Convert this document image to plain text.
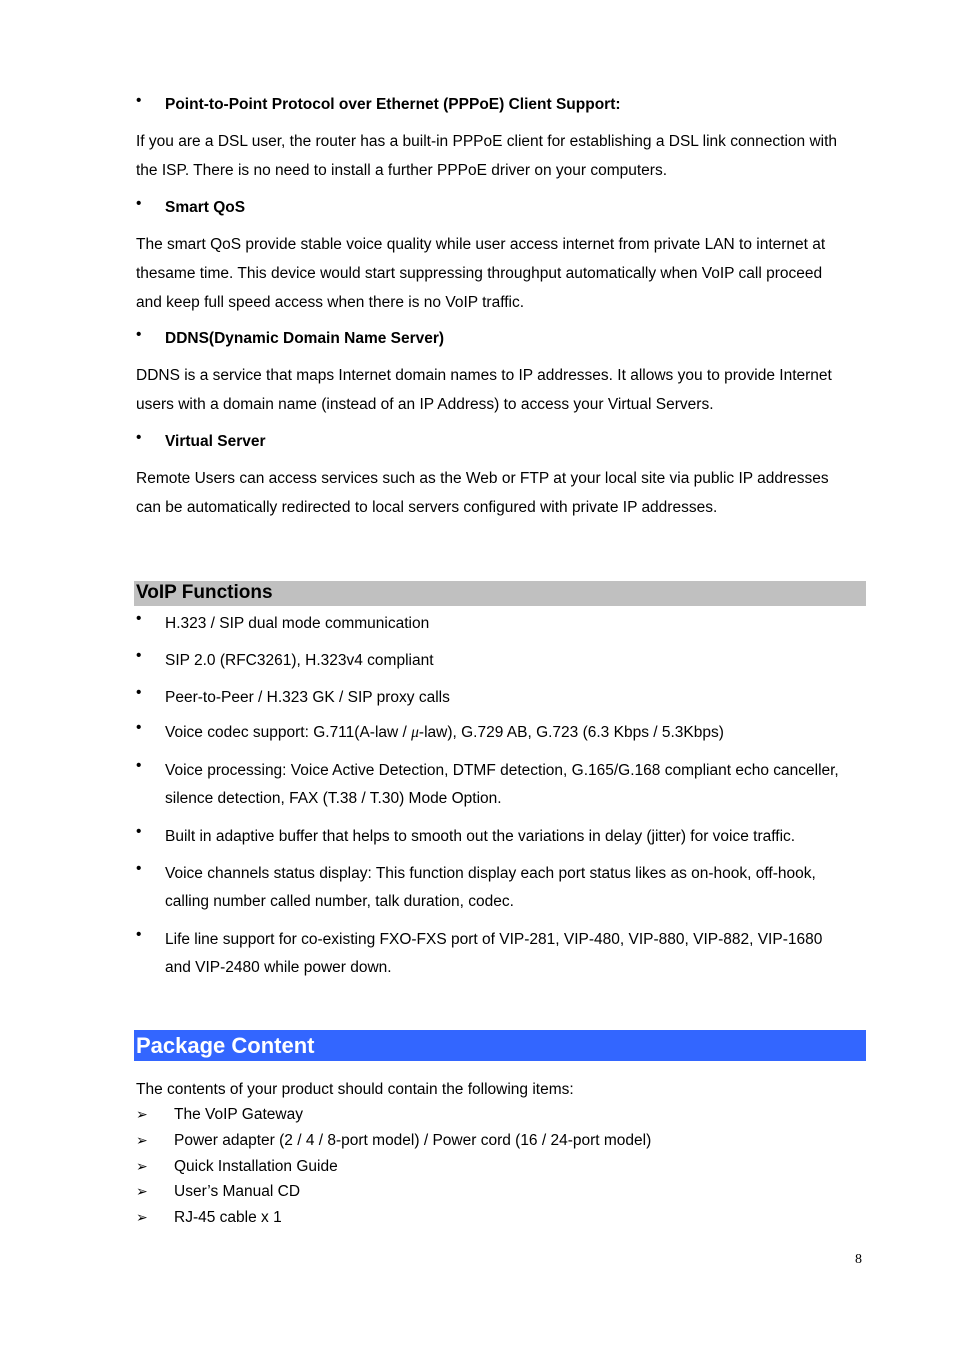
•	Point-to-Point Protocol over Ethernet (PPPoE) Client Support:
If you are a DSL user, the router has a built-in PPPoE client for establishing a DSL link connection with
the ISP. There is no need to install a further PPPoE driver on your computers.
•	Smart QoS
The smart QoS provide stable voice quality while user access internet from private LAN to internet at
thesame time. This device would start suppressing throughput automatically when VoIP call proceed
and keep full speed access when there is no VoIP traffic.
•	DDNS(Dynamic Domain Name Server)
DDNS is a service that maps Internet domain names to IP addresses. It allows you to provide Internet
users with a domain name (instead of an IP Address) to access your Virtual Servers.
•	Virtual Server
Remote Users can access services such as the Web or FTP at your local site via public IP addresses
can be automatically redirected to local servers configured with private IP addresses.
VoIP Functions
•	H.323 / SIP dual mode communication
•	SIP 2.0 (RFC3261), H.323v4 compliant
•	Peer-to-Peer / H.323 GK / SIP proxy calls
•	Voice codec support: G.711(A-law / μ-law), G.729 AB, G.723 (6.3 Kbps / 5.3Kbps)
•	Voice processing: Voice Active Detection, DTMF detection, G.165/G.168 compliant echo canceller,
silence detection, FAX (T.38 / T.30) Mode Option.
•	Built in adaptive buffer that helps to smooth out the variations in delay (jitter) for voice traffic.
•	Voice channels status display: This function display each port status likes as on-hook, off-hook,
calling number called number, talk duration, codec.
•	Life line support for co-existing FXO-FXS port of VIP-281, VIP-480, VIP-880, VIP-882, VIP-1680
and VIP-2480 while power down.
Package Content
The contents of your product should contain the following items:
➢ The VoIP Gateway
➢ Power adapter (2 / 4 / 8-port model) / Power cord (16 / 24-port model)
➢ Quick Installation Guide
➢ User’s Manual CD
➢ RJ-45 cable x 1
8
